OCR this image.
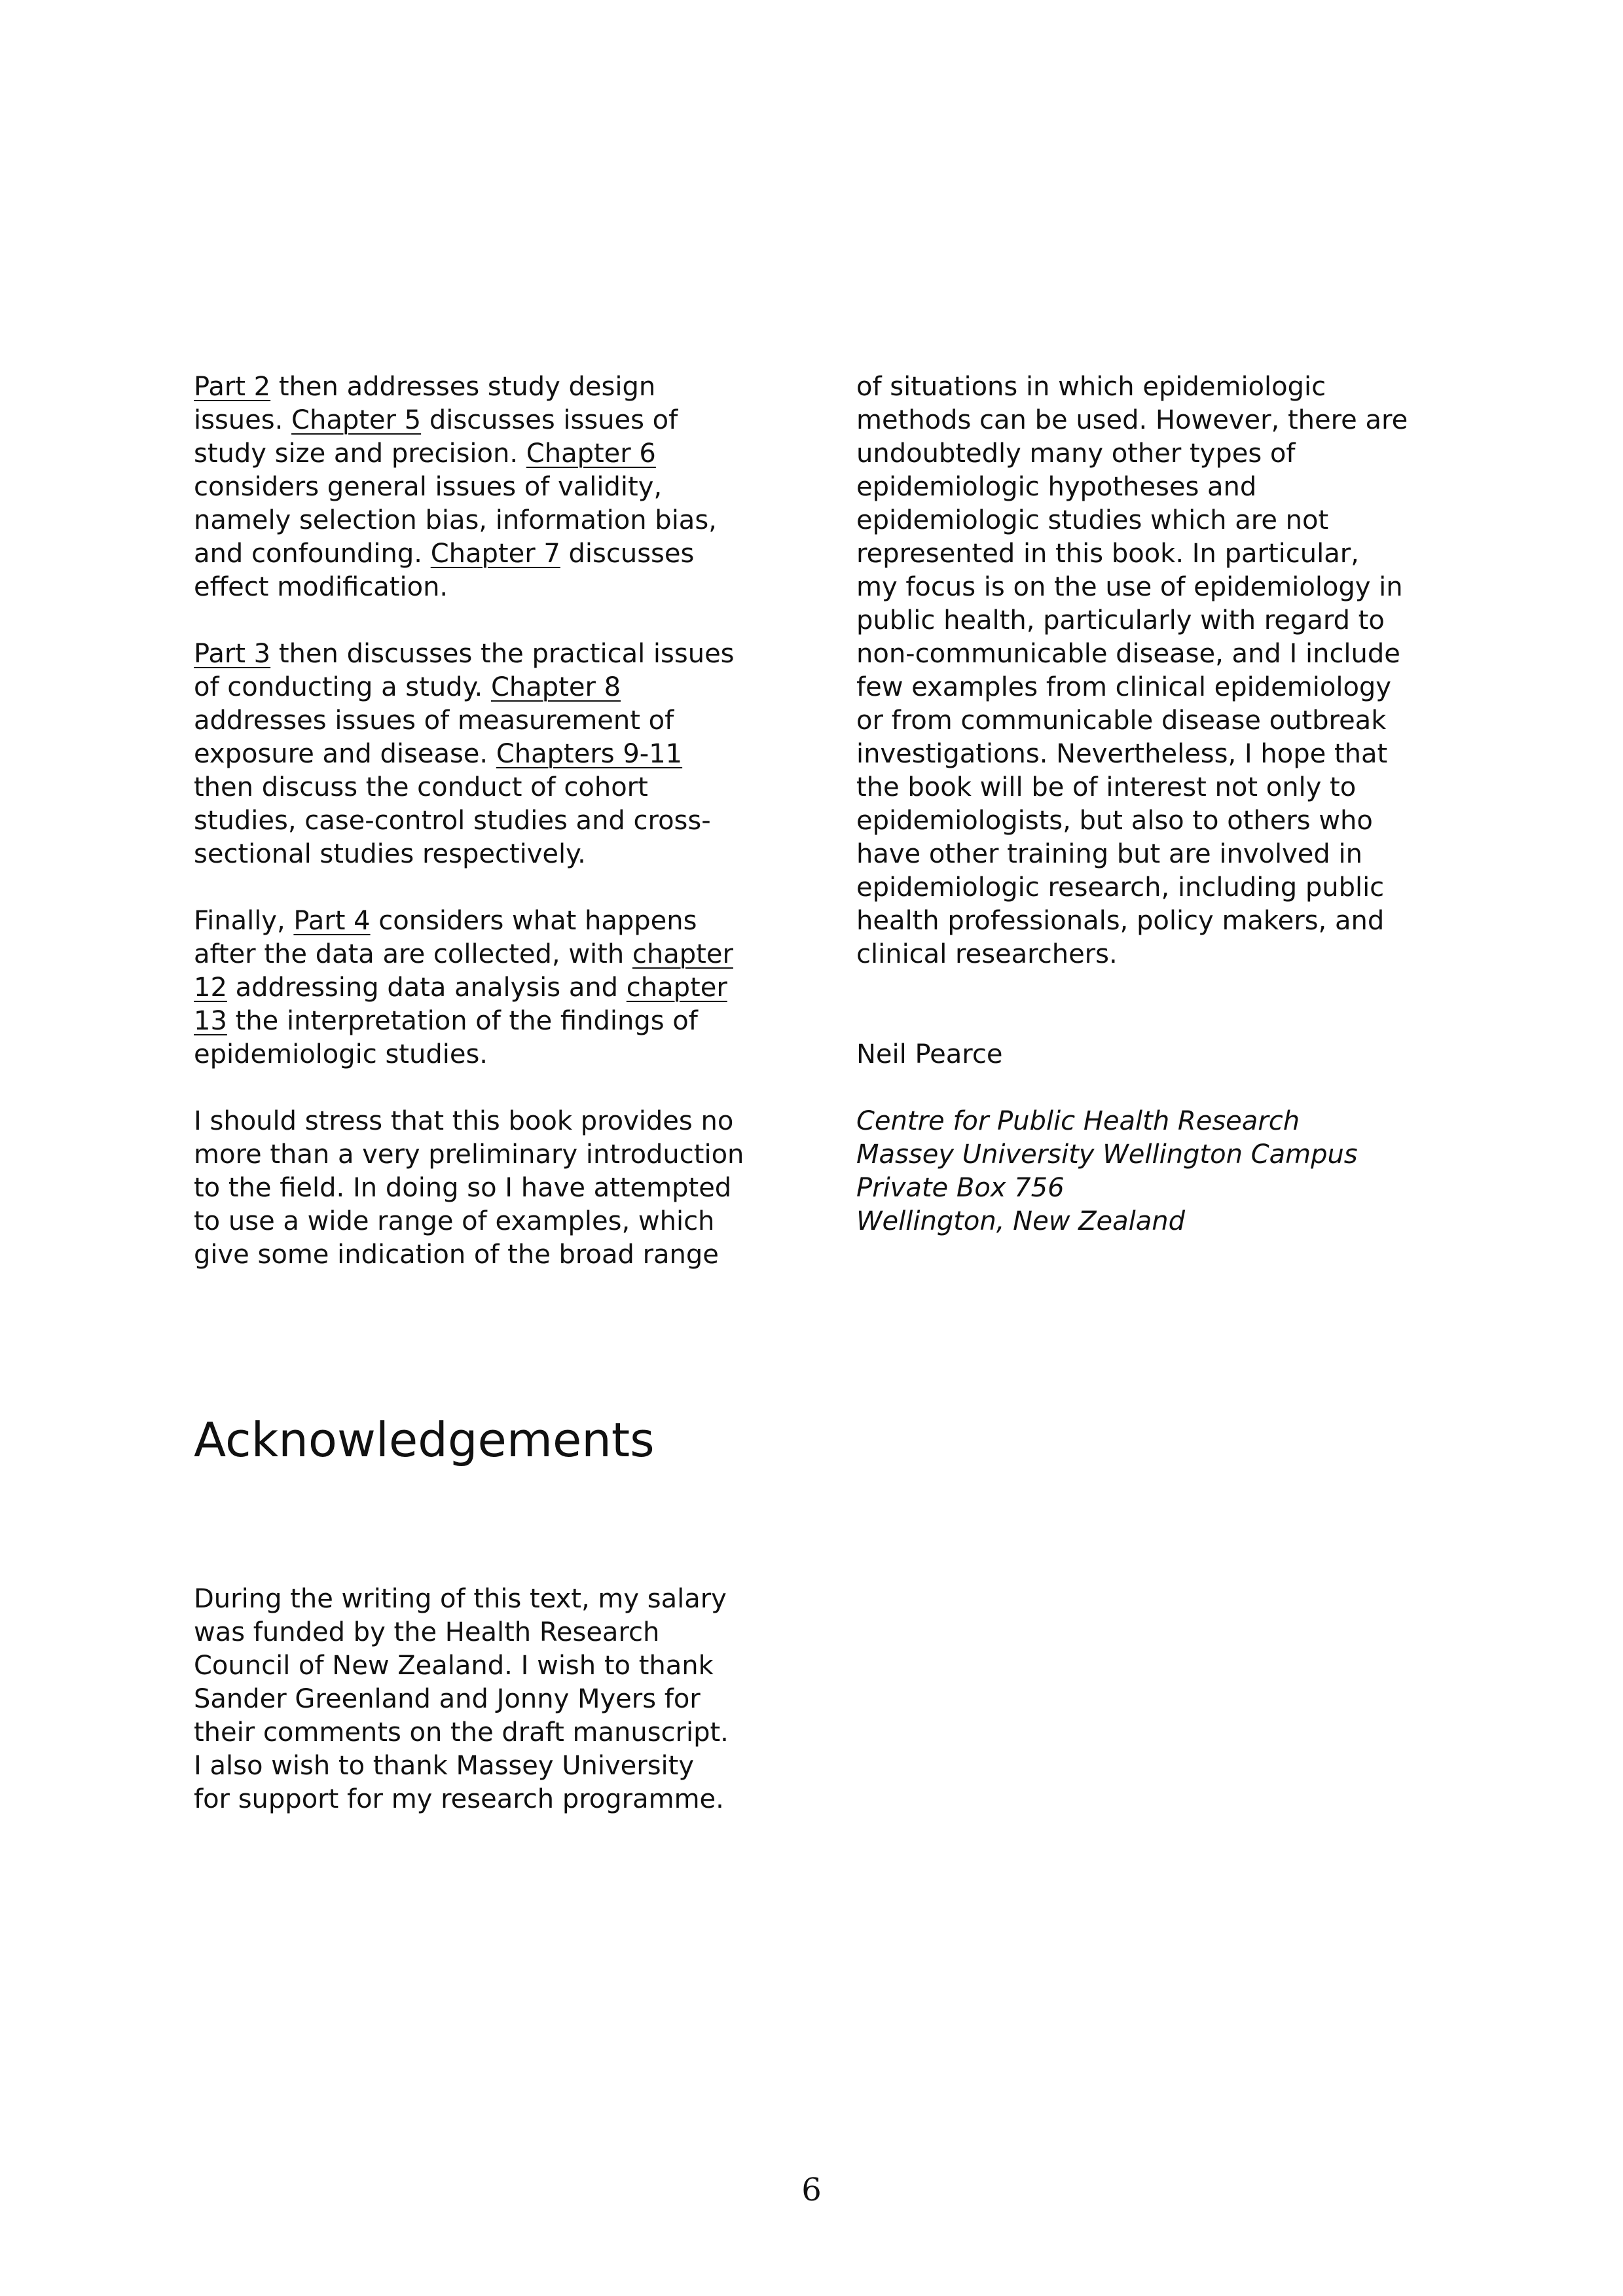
Part 2 then addresses study design
issues. Chapter 5 discusses issues of
study size and precision. Chapter 6
considers general issues of validity,
namely selection bias, information bias,
and confounding. Chapter 7 discusses
effect modification.
Part 3 then discusses the practical issues
of conducting a study. Chapter 8
addresses issues of measurement of
exposure and disease. Chapters 9-11
then discuss the conduct of cohort
studies, case-control studies and cross-
sectional studies respectively.
Finally, Part 4 considers what happens
after the data are collected, with chapter
12 addressing data analysis and chapter
13 the interpretation of the findings of
epidemiologic studies.
I should stress that this book provides no
more than a very preliminary introduction
to the field. In doing so I have attempted
to use a wide range of examples, which
give some indication of the broad range
of situations in which epidemiologic
methods can be used. However, there are
undoubtedly many other types of
epidemiologic hypotheses and
epidemiologic studies which are not
represented in this book. In particular,
my focus is on the use of epidemiology in
public health, particularly with regard to
non-communicable disease, and I include
few examples from clinical epidemiology
or from communicable disease outbreak
investigations. Nevertheless, I hope that
the book will be of interest not only to
epidemiologists, but also to others who
have other training but are involved in
epidemiologic research, including public
health professionals, policy makers, and
clinical researchers.
Neil Pearce
Centre for Public Health Research
Massey University Wellington Campus
Private Box 756
Wellington, New Zealand
Acknowledgements
During the writing of this text, my salary
was funded by the Health Research
Council of New Zealand. I wish to thank
Sander Greenland and Jonny Myers for
their comments on the draft manuscript.
I also wish to thank Massey University
for support for my research programme.
6
